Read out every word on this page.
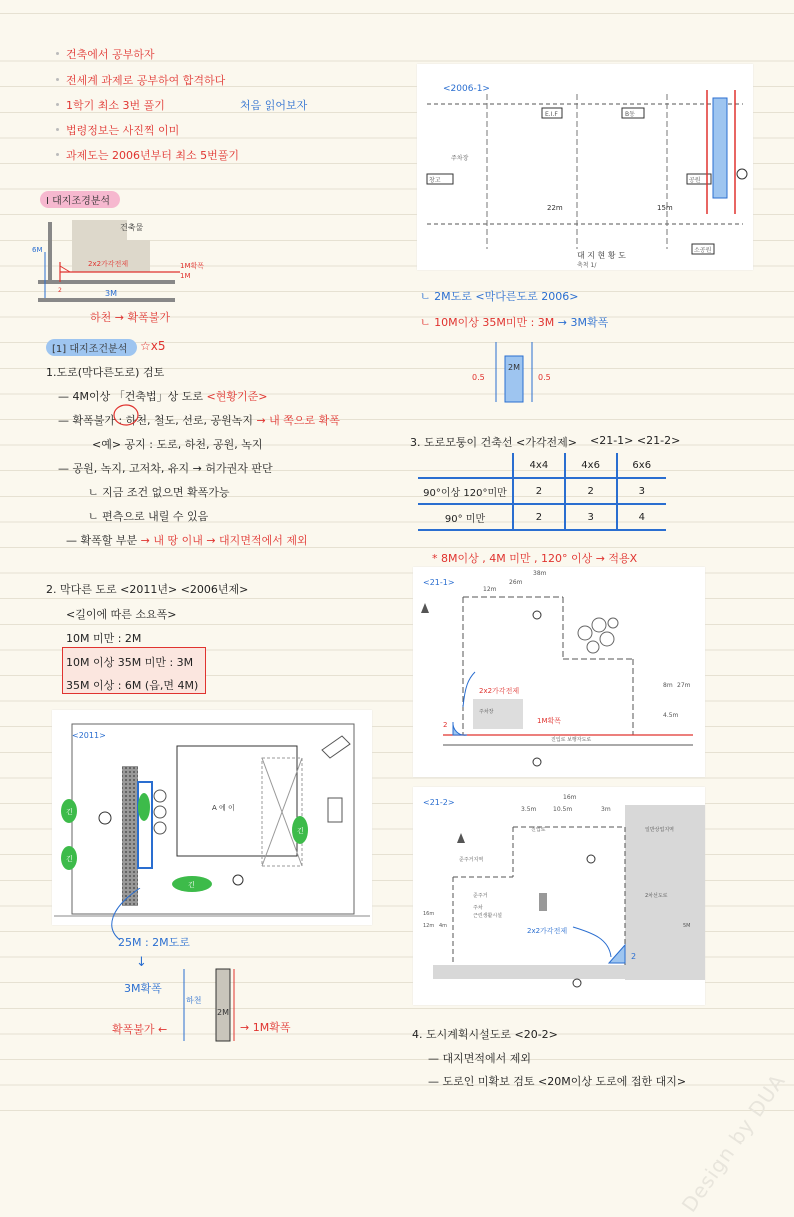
건축에서 공부하자
전세계 과제로 공부하여 합격하다
1학기 최소 3번 풀기	처음 읽어보자
법령정보는 사진찍 이미
과제도는 2006년부터 최소 5번풀기
Ⅰ 대지조경분석
건축물
2x2가각전제	1M확폭
1M
6M
2	3M
하천 → 확폭불가
[1] 대지조건분석	☆x5
1.도로(막다른도로) 검토
— 4M이상 「건축법」상 도로 <현황기준>
— 확폭불가 : 하천, 철도, 선로, 공원녹지 → 내 쪽으로 확폭
<예> 공지 : 도로, 하천, 공원, 녹지
— 공원, 녹지, 고저차, 유지 → 허가권자 판단
ㄴ 지금 조건 없으면 확폭가능
ㄴ 편측으로 내릴 수 있음
— 확폭할 부분 → 내 땅 이내 → 대지면적에서 제외
2. 막다른 도로 <2011년> <2006년제>
<길이에 따른 소요폭>
10M 미만 : 2M
10M 이상 35M 미만 : 3M
35M 이상 : 6M (읍,면 4M)
<2011>
A 에 이
긴
긴
긴
긴
25M : 2M도로
↓
3M확폭
하천
2M
확폭불가 ←	→ 1M확폭
<2006-1>
22m	15m
대 지 현 황 도
축척 1/
주차장
E.I.F	B동
창고	공원
소공원
ㄴ 2M도로 <막다른도로 2006>
ㄴ 10M이상 35M미만 : 3M → 3M확폭
2M
0.5	0.5
3. 도로모퉁이 건축선 <가각전제> <21-1> <21-2>
	4x4	4x6	6x6
90°이상 120°미만	2	2	3
90° 미만	2	3	4
* 8M이상 , 4M 미만 , 120° 이상 → 적용X
<21-1>
2x2가각전제
1M확폭
38m
26m
12m
4.5m
8m 27m
2
진입로 보행자도로
주차장
<21-2>
2x2가각전제
16m
3.5m	10.5m	3m
2
준주거지역
진입로
준주거
일반상업지역
2차선도로
주차
근린생활시설
4m
12m
16m
5M
4. 도시계획시설도로 <20-2>
— 대지면적에서 제외
— 도로인 미확보 검토 <20M이상 도로에 접한 대지>
Design by DUA
